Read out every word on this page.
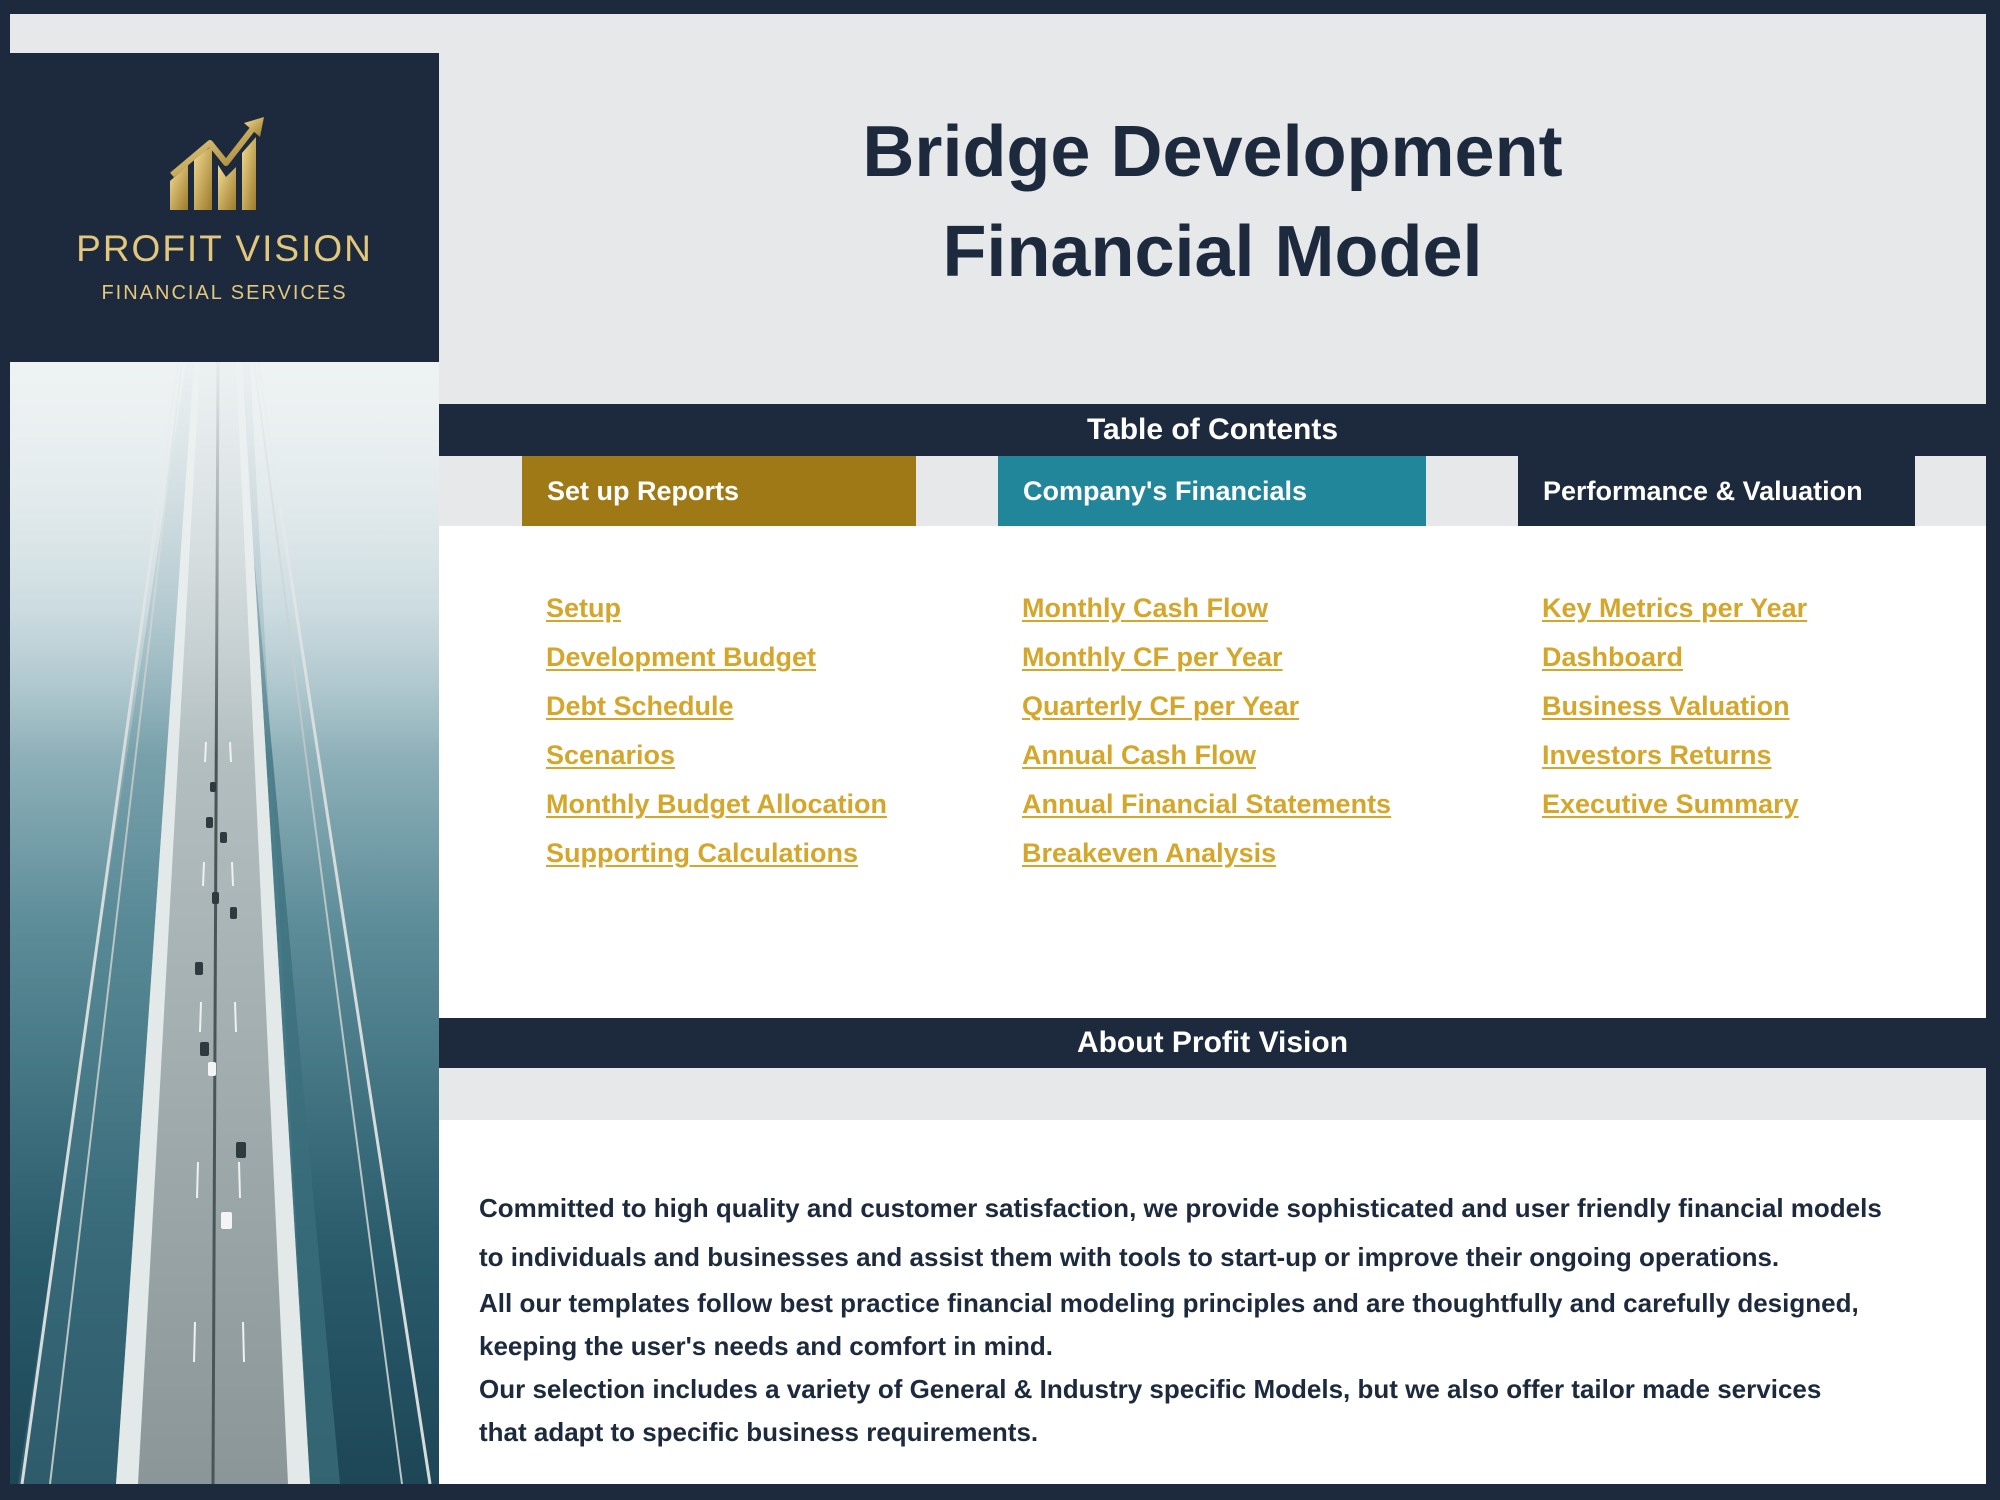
PROFIT VISION
FINANCIAL SERVICES
Bridge Development
Financial Model
Table of Contents
Set up Reports	Company's Financials	Performance & Valuation
Setup
Development Budget
Debt Schedule
Scenarios
Monthly Budget Allocation
Supporting Calculations
Monthly Cash Flow
Monthly CF per Year
Quarterly CF per Year
Annual Cash Flow
Annual Financial Statements
Breakeven Analysis
Key Metrics per Year
Dashboard
Business Valuation
Investors Returns
Executive Summary
About Profit Vision

Committed to high quality and customer satisfaction, we provide sophisticated and user friendly financial models

to individuals and businesses and assist them with tools to start-up or improve their ongoing operations.

All our templates follow best practice financial modeling principles and are thoughtfully and carefully designed,

keeping the user's needs and comfort in mind.

Our selection includes a variety of General & Industry specific Models, but we also offer tailor made services

that adapt to specific business requirements.
